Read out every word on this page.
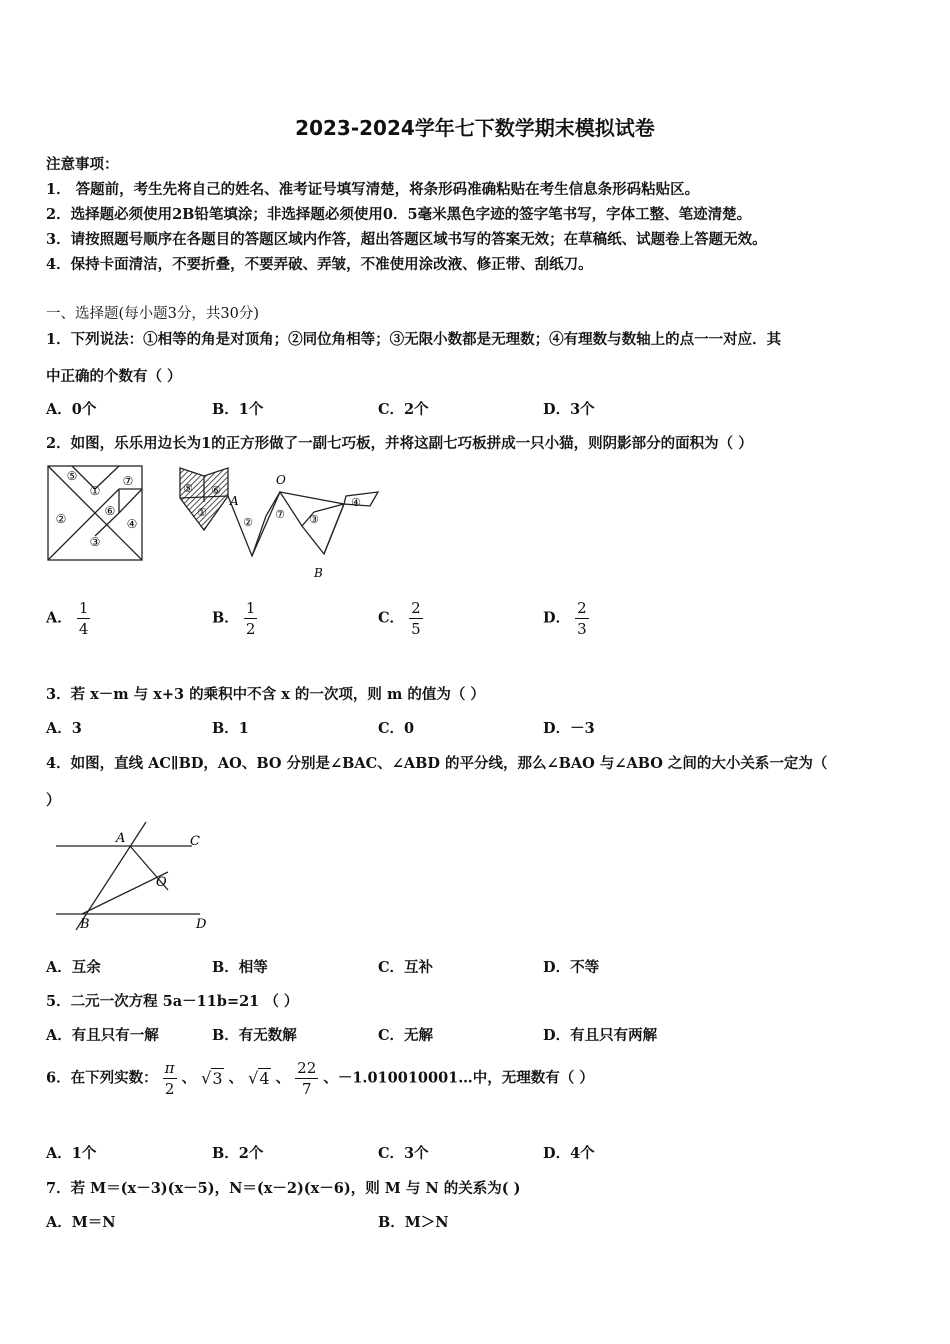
2023-2024学年七下数学期末模拟试卷
注意事项：
1． 答题前，考生先将自己的姓名、准考证号填写清楚，将条形码准确粘贴在考生信息条形码粘贴区。
2．选择题必须使用2B铅笔填涂；非选择题必须使用0．5毫米黑色字迹的签字笔书写，字体工整、笔迹清楚。
3．请按照题号顺序在各题目的答题区域内作答，超出答题区域书写的答案无效；在草稿纸、试题卷上答题无效。
4．保持卡面清洁，不要折叠，不要弄破、弄皱，不准使用涂改液、修正带、刮纸刀。
一、选择题(每小题3分，共30分)
1．下列说法：①相等的角是对顶角；②同位角相等；③无限小数都是无理数；④有理数与数轴上的点一一对应．其
中正确的个数有（ ）
A．0个	B．1个	C．2个	D．3个
2．如图，乐乐用边长为1的正方形做了一副七巧板，并将这副七巧板拼成一只小猫，则阴影部分的面积为（ ）
⑤
①
⑦
②
⑥
④
③
⑤ ⑥
①
②
⑦ ③
④
A
O
B
A． $\frac{1}{4}$	B． $\frac{1}{2}$	C． $\frac{2}{5}$	D． $\frac{2}{3}$
3．若 x－m 与 x+3 的乘积中不含 x 的一次项，则 m 的值为（ ）
A．3	B．1	C．0	D．－3
4．如图，直线 AC∥BD，AO、BO 分别是∠BAC、∠ABD 的平分线，那么∠BAO 与∠ABO 之间的大小关系一定为（
）
A	C
O
B	D
A．互余	B．相等	C．互补	D．不等
5．二元一次方程 5a－11b=21 （ ）
A．有且只有一解	B．有无数解	C．无解	D．有且只有两解
6．在下列实数： $\frac{\pi}{2}$ 、 √3 、 √4 、 $\frac{22}{7}$ 、－1.010010001…中，无理数有（ ）
A．1个	B．2个	C．3个	D．4个
7．若 M＝(x－3)(x－5)，N＝(x－2)(x－6)，则 M 与 N 的关系为( )
A．M＝N	B．M＞N
